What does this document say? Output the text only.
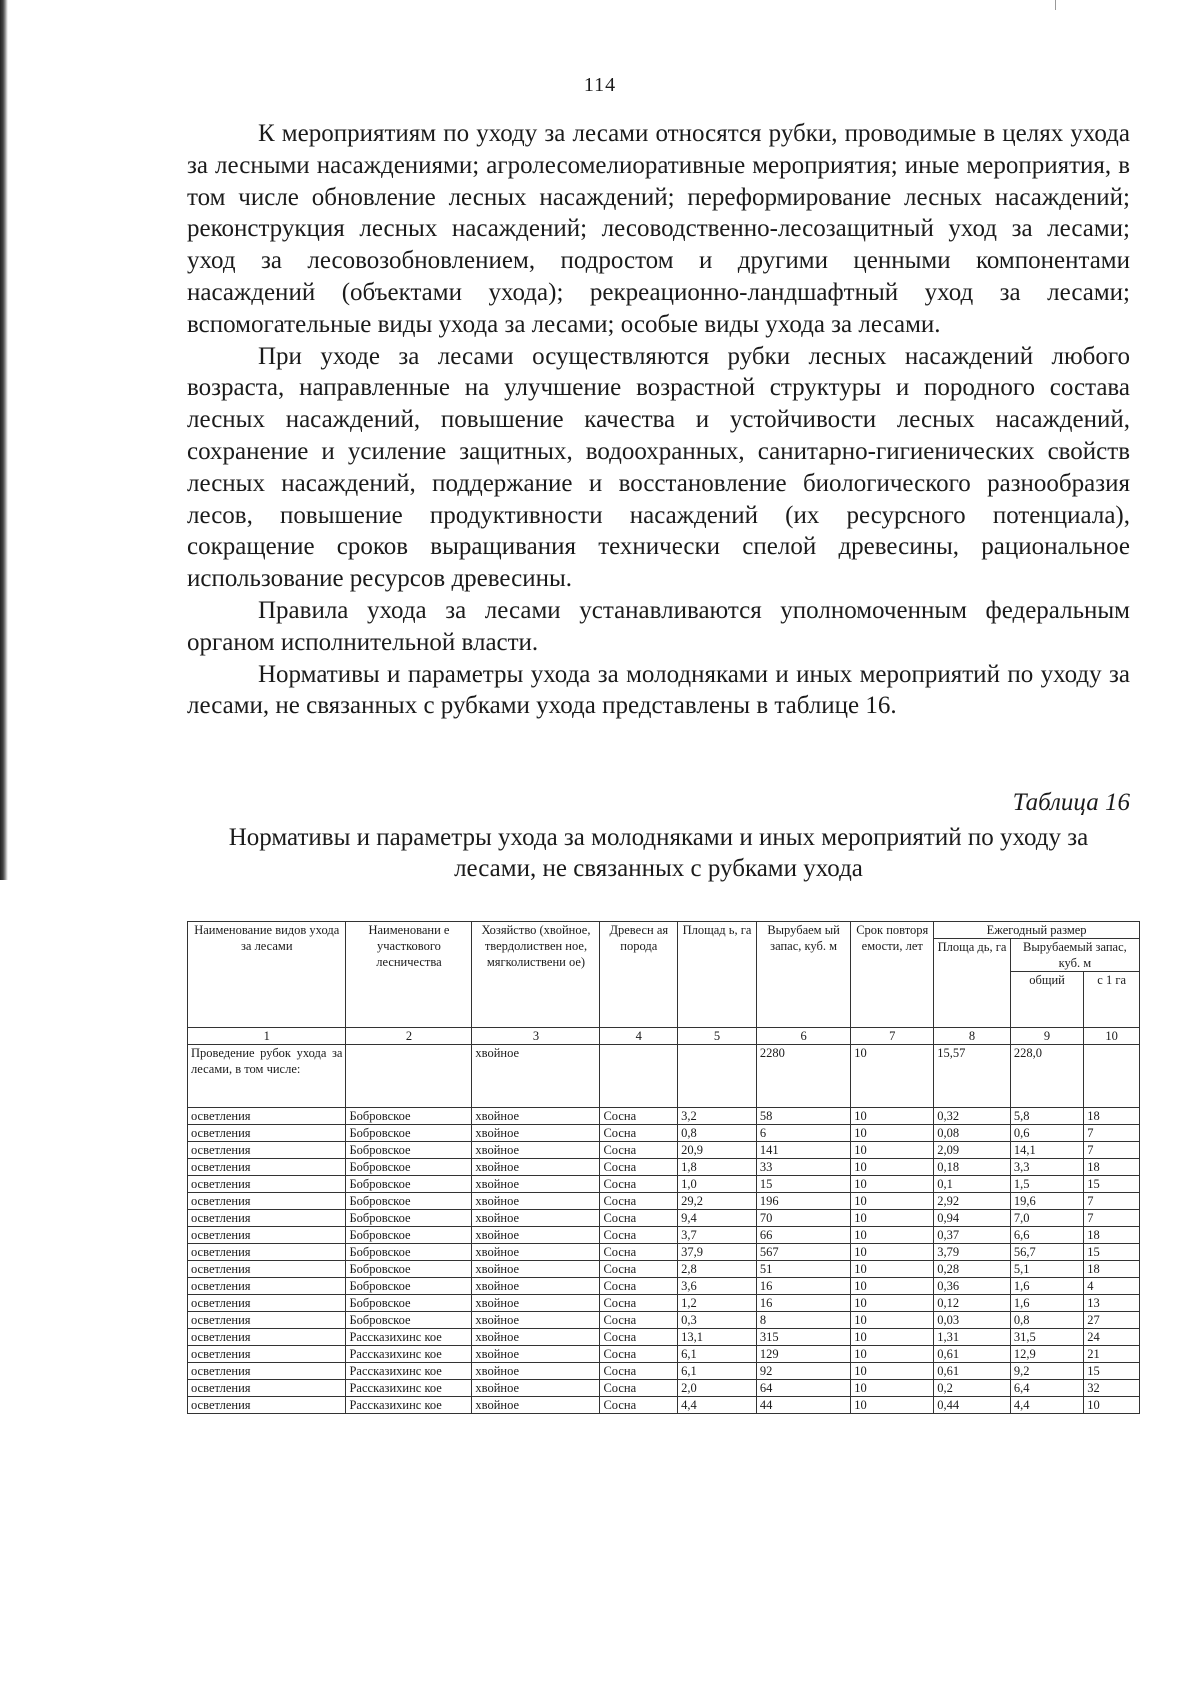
114

К мероприятиям по уходу за лесами относятся рубки, проводимые в целях ухода за лесными насаждениями; агролесомелиоративные мероприятия; иные мероприятия, в том числе обновление лесных насаждений; переформирование лесных насаждений; реконструкция лесных насаждений; лесоводственно-лесозащитный уход за лесами; уход за лесовозобновлением, подростом и другими ценными компонентами насаждений (объектами ухода); рекреационно-ландшафтный уход за лесами; вспомогательные виды ухода за лесами; особые виды ухода за лесами.

При уходе за лесами осуществляются рубки лесных насаждений любого возраста, направленные на улучшение возрастной структуры и породного состава лесных насаждений, повышение качества и устойчивости лесных насаждений, сохранение и усиление защитных, водоохранных, санитарно-гигиенических свойств лесных насаждений, поддержание и восстановление биологического разнообразия лесов, повышение продуктивности насаждений (их ресурсного потенциала), сокращение сроков выращивания технически спелой древесины, рациональное использование ресурсов древесины.

Правила ухода за лесами устанавливаются уполномоченным федеральным органом исполнительной власти.

Нормативы и параметры ухода за молодняками и иных мероприятий по уходу за лесами, не связанных с рубками ухода представлены в таблице 16.

Таблица 16
Нормативы и параметры ухода за молодняками и иных мероприятий по уходу за лесами, не связанных с рубками ухода
Наименование видов ухода за лесами	Наименовани е участкового лесничества	Хозяйство (хвойное, твердолиствен ное, мягколиствени ое)	Древесн ая порода	Площад ь, га	Вырубаем ый запас, куб. м	Срок повторя емости, лет	Ежегодный размер		
							Площа дь, га	Вырубаемый запас, куб. м	
								общий	с 1 га
1	2	3	4	5	6	7	8	9	10
Проведение рубок ухода за лесами, в том числе:		хвойное			2280	10	15,57	228,0	
осветления	Бобровское	хвойное	Сосна	3,2	58	10	0,32	5,8	18
осветления	Бобровское	хвойное	Сосна	0,8	6	10	0,08	0,6	7
осветления	Бобровское	хвойное	Сосна	20,9	141	10	2,09	14,1	7
осветления	Бобровское	хвойное	Сосна	1,8	33	10	0,18	3,3	18
осветления	Бобровское	хвойное	Сосна	1,0	15	10	0,1	1,5	15
осветления	Бобровское	хвойное	Сосна	29,2	196	10	2,92	19,6	7
осветления	Бобровское	хвойное	Сосна	9,4	70	10	0,94	7,0	7
осветления	Бобровское	хвойное	Сосна	3,7	66	10	0,37	6,6	18
осветления	Бобровское	хвойное	Сосна	37,9	567	10	3,79	56,7	15
осветления	Бобровское	хвойное	Сосна	2,8	51	10	0,28	5,1	18
осветления	Бобровское	хвойное	Сосна	3,6	16	10	0,36	1,6	4
осветления	Бобровское	хвойное	Сосна	1,2	16	10	0,12	1,6	13
осветления	Бобровское	хвойное	Сосна	0,3	8	10	0,03	0,8	27
осветления	Рассказихинс кое	хвойное	Сосна	13,1	315	10	1,31	31,5	24
осветления	Рассказихинс кое	хвойное	Сосна	6,1	129	10	0,61	12,9	21
осветления	Рассказихинс кое	хвойное	Сосна	6,1	92	10	0,61	9,2	15
осветления	Рассказихинс кое	хвойное	Сосна	2,0	64	10	0,2	6,4	32
осветления	Рассказихинс кое	хвойное	Сосна	4,4	44	10	0,44	4,4	10
